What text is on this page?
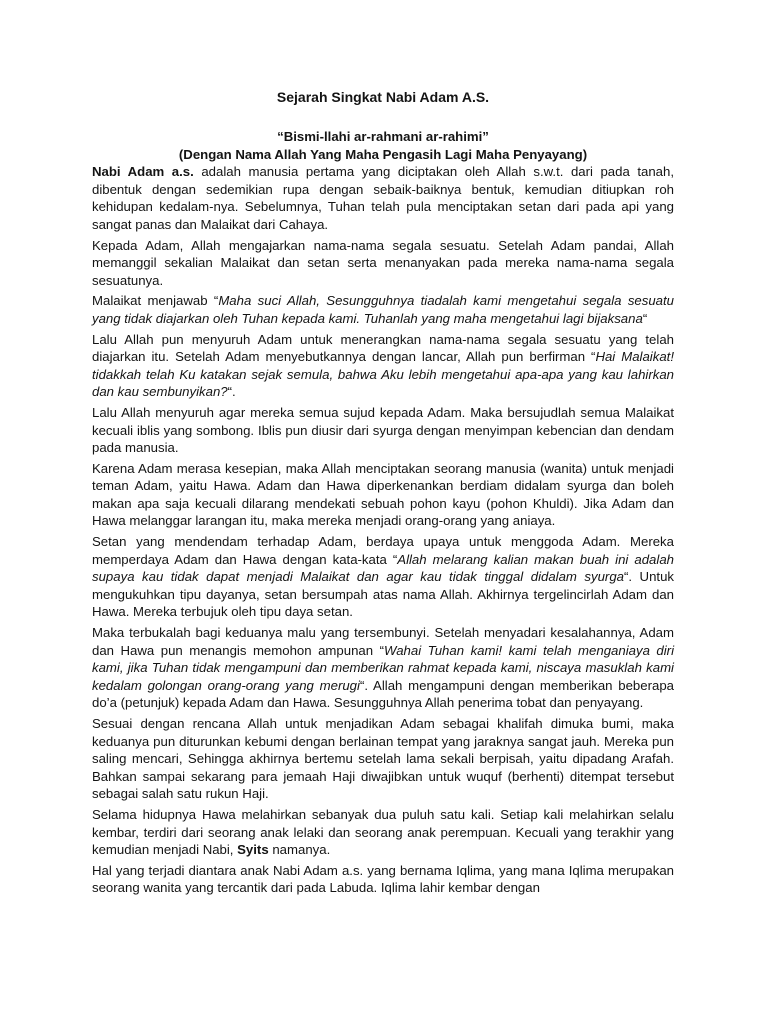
Sejarah Singkat Nabi Adam A.S.
“Bismi-llahi ar-rahmani ar-rahimi”
(Dengan Nama Allah Yang Maha Pengasih Lagi Maha Penyayang)

Nabi Adam a.s. adalah manusia pertama yang diciptakan oleh Allah s.w.t. dari pada tanah, dibentuk dengan sedemikian rupa dengan sebaik-baiknya bentuk, kemudian ditiupkan roh kehidupan kedalam-nya. Sebelumnya, Tuhan telah pula menciptakan setan dari pada api yang sangat panas dan Malaikat dari Cahaya.

Kepada Adam, Allah mengajarkan nama-nama segala sesuatu. Setelah Adam pandai, Allah memanggil sekalian Malaikat dan setan serta menanyakan pada mereka nama-nama segala sesuatunya.

Malaikat menjawab “Maha suci Allah, Sesungguhnya tiadalah kami mengetahui segala sesuatu yang tidak diajarkan oleh Tuhan kepada kami. Tuhanlah yang maha mengetahui lagi bijaksana“

Lalu Allah pun menyuruh Adam untuk menerangkan nama-nama segala sesuatu yang telah diajarkan itu. Setelah Adam menyebutkannya dengan lancar, Allah pun berfirman “Hai Malaikat! tidakkah telah Ku katakan sejak semula, bahwa Aku lebih mengetahui apa-apa yang kau lahirkan dan kau sembunyikan?“.

Lalu Allah menyuruh agar mereka semua sujud kepada Adam. Maka bersujudlah semua Malaikat kecuali iblis yang sombong. Iblis pun diusir dari syurga dengan menyimpan kebencian dan dendam pada manusia.

Karena Adam merasa kesepian, maka Allah menciptakan seorang manusia (wanita) untuk menjadi teman Adam, yaitu Hawa. Adam dan Hawa diperkenankan berdiam didalam syurga dan boleh makan apa saja kecuali dilarang mendekati sebuah pohon kayu (pohon Khuldi). Jika Adam dan Hawa melanggar larangan itu, maka mereka menjadi orang-orang yang aniaya.

Setan yang mendendam terhadap Adam, berdaya upaya untuk menggoda Adam. Mereka memperdaya Adam dan Hawa dengan kata-kata “Allah melarang kalian makan buah ini adalah supaya kau tidak dapat menjadi Malaikat dan agar kau tidak tinggal didalam syurga“. Untuk mengukuhkan tipu dayanya, setan bersumpah atas nama Allah. Akhirnya tergelincirlah Adam dan Hawa. Mereka terbujuk oleh tipu daya setan.

Maka terbukalah bagi keduanya malu yang tersembunyi. Setelah menyadari kesalahannya, Adam dan Hawa pun menangis memohon ampunan “Wahai Tuhan kami! kami telah menganiaya diri kami, jika Tuhan tidak mengampuni dan memberikan rahmat kepada kami, niscaya masuklah kami kedalam golongan orang-orang yang merugi“. Allah mengampuni dengan memberikan beberapa do’a (petunjuk) kepada Adam dan Hawa. Sesungguhnya Allah penerima tobat dan penyayang.

Sesuai dengan rencana Allah untuk menjadikan Adam sebagai khalifah dimuka bumi, maka keduanya pun diturunkan kebumi dengan berlainan tempat yang jaraknya sangat jauh. Mereka pun saling mencari, Sehingga akhirnya bertemu setelah lama sekali berpisah, yaitu dipadang Arafah. Bahkan sampai sekarang para jemaah Haji diwajibkan untuk wuquf (berhenti) ditempat tersebut sebagai salah satu rukun Haji.

Selama hidupnya Hawa melahirkan sebanyak dua puluh satu kali. Setiap kali melahirkan selalu kembar, terdiri dari seorang anak lelaki dan seorang anak perempuan. Kecuali yang terakhir yang kemudian menjadi Nabi, Syits namanya.

Hal yang terjadi diantara anak Nabi Adam a.s. yang bernama Iqlima, yang mana Iqlima merupakan seorang wanita yang tercantik dari pada Labuda. Iqlima lahir kembar dengan
